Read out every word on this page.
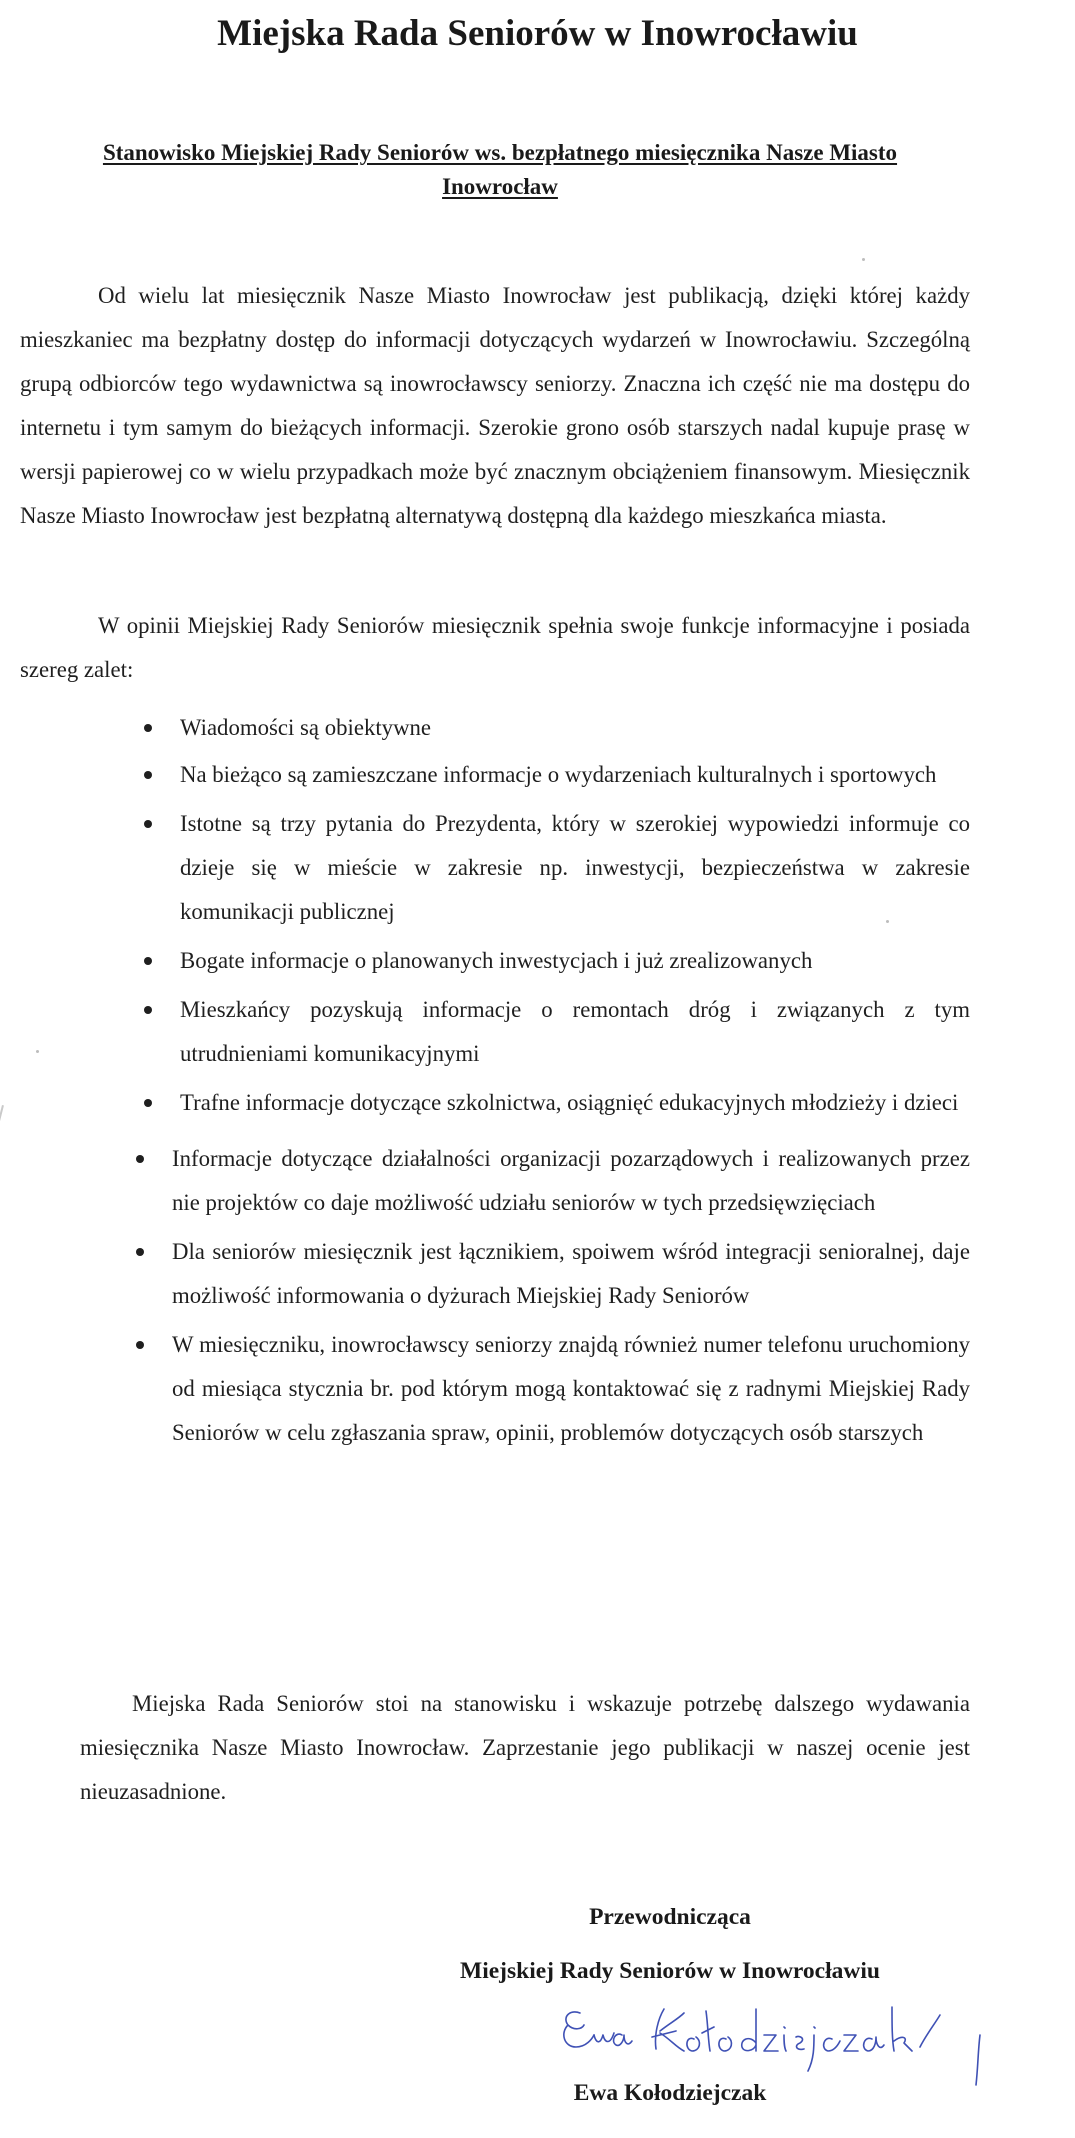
Miejska Rada Seniorów w Inowrocławiu
Stanowisko Miejskiej Rady Seniorów ws. bezpłatnego miesięcznika Nasze Miasto Inowrocław

Od wielu lat miesięcznik Nasze Miasto Inowrocław jest publikacją, dzięki której każdy mieszkaniec ma bezpłatny dostęp do informacji dotyczących wydarzeń w Inowrocławiu. Szczególną grupą odbiorców tego wydawnictwa są inowrocławscy seniorzy. Znaczna ich część nie ma dostępu do internetu i tym samym do bieżących informacji. Szerokie grono osób starszych nadal kupuje prasę w wersji papierowej co w wielu przypadkach może być znacznym obciążeniem finansowym. Miesięcznik Nasze Miasto Inowrocław jest bezpłatną alternatywą dostępną dla każdego mieszkańca miasta.

W opinii Miejskiej Rady Seniorów miesięcznik spełnia swoje funkcje informacyjne i posiada szereg zalet:

Wiadomości są obiektywne
Na bieżąco są zamieszczane informacje o wydarzeniach kulturalnych i sportowych
Istotne są trzy pytania do Prezydenta, który w szerokiej wypowiedzi informuje co dzieje się w mieście w zakresie np. inwestycji, bezpieczeństwa w zakresie komunikacji publicznej
Bogate informacje o planowanych inwestycjach i już zrealizowanych
Mieszkańcy pozyskują informacje o remontach dróg i związanych z tym utrudnieniami komunikacyjnymi
Trafne informacje dotyczące szkolnictwa, osiągnięć edukacyjnych młodzieży i dzieci
Informacje dotyczące działalności organizacji pozarządowych i realizowanych przez nie projektów co daje możliwość udziału seniorów w tych przedsięwzięciach
Dla seniorów miesięcznik jest łącznikiem, spoiwem wśród integracji senioralnej, daje możliwość informowania o dyżurach Miejskiej Rady Seniorów
W miesięczniku, inowrocławscy seniorzy znajdą również numer telefonu uruchomiony od miesiąca stycznia br. pod którym mogą kontaktować się z radnymi Miejskiej Rady Seniorów w celu zgłaszania spraw, opinii, problemów dotyczących osób starszych

Miejska Rada Seniorów stoi na stanowisku i wskazuje potrzebę dalszego wydawania miesięcznika Nasze Miasto Inowrocław. Zaprzestanie jego publikacji w naszej ocenie jest nieuzasadnione.

Przewodnicząca
Miejskiej Rady Seniorów w Inowrocławiu
Ewa Kołodziejczak
